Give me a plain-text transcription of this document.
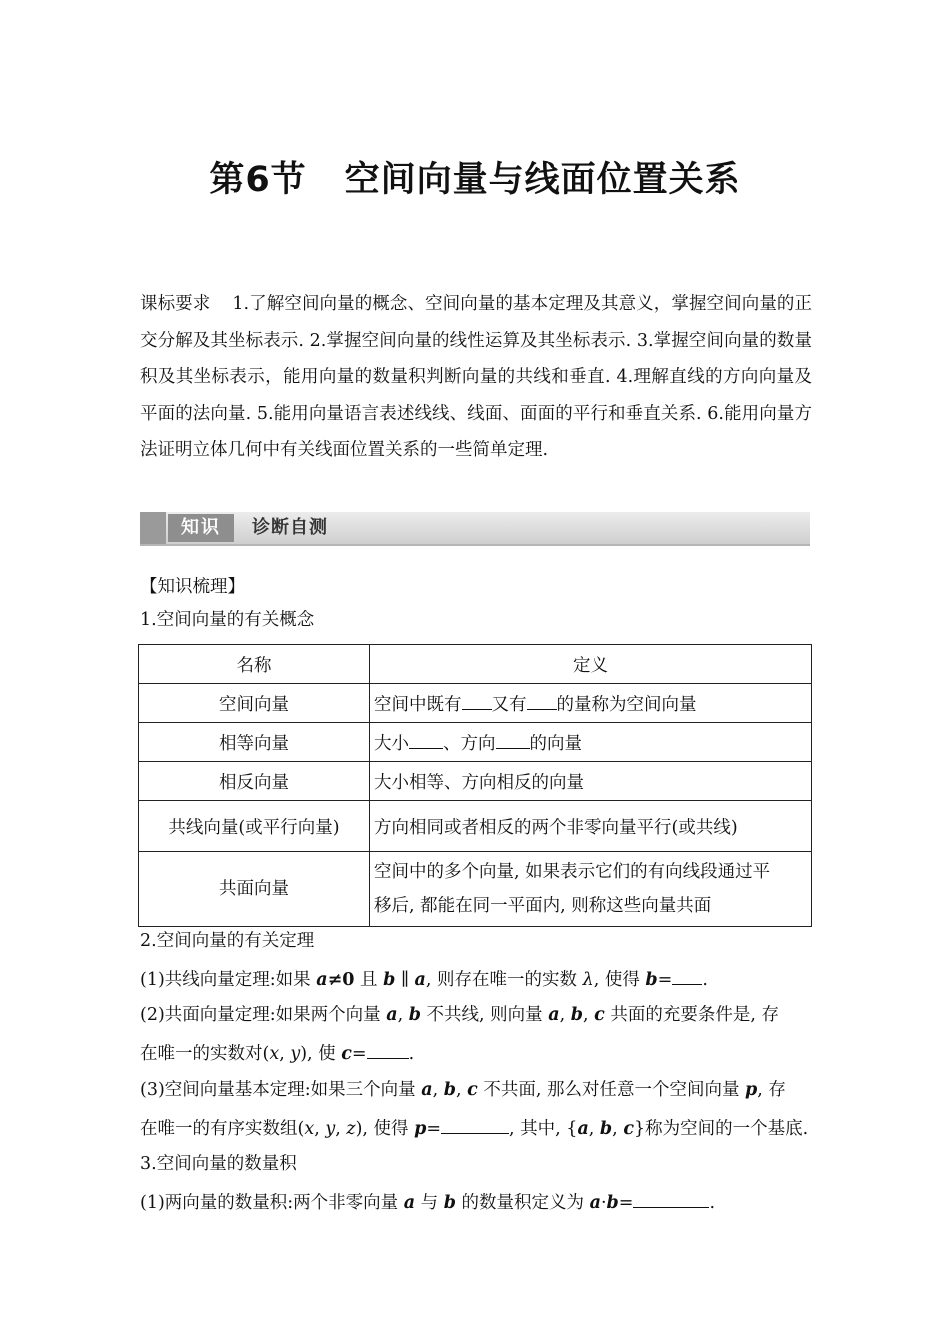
第6节 空间向量与线面位置关系
课标要求 1.了解空间向量的概念、空间向量的基本定理及其意义，掌握空间向量的正交分解及其坐标表示. 2.掌握空间向量的线性运算及其坐标表示. 3.掌握空间向量的数量积及其坐标表示，能用向量的数量积判断向量的共线和垂直. 4.理解直线的方向向量及平面的法向量. 5.能用向量语言表述线线、线面、面面的平行和垂直关系. 6.能用向量方法证明立体几何中有关线面位置关系的一些简单定理.
知识	诊断自测
【知识梳理】
1.空间向量的有关概念
名称	定义
空间向量	空间中既有 又有 的量称为空间向量
相等向量	大小 、方向 的向量
相反向量	大小相等、方向相反的向量
共线向量(或平行向量)	方向相同或者相反的两个非零向量平行(或共线)
共面向量	空间中的多个向量, 如果表示它们的有向线段通过平
移后, 都能在同一平面内, 则称这些向量共面
2.空间向量的有关定理
(1)共线向量定理:如果 a≠0 且 b ∥ a, 则存在唯一的实数 λ, 使得 b= .
(2)共面向量定理:如果两个向量 a, b 不共线, 则向量 a, b, c 共面的充要条件是, 存
在唯一的实数对(x, y), 使 c= .
(3)空间向量基本定理:如果三个向量 a, b, c 不共面, 那么对任意一个空间向量 p, 存
在唯一的有序实数组(x, y, z), 使得 p=	, 其中, {a, b, c}称为空间的一个基底.
3.空间向量的数量积
(1)两向量的数量积:两个非零向量 a 与 b 的数量积定义为 a·b=	.
